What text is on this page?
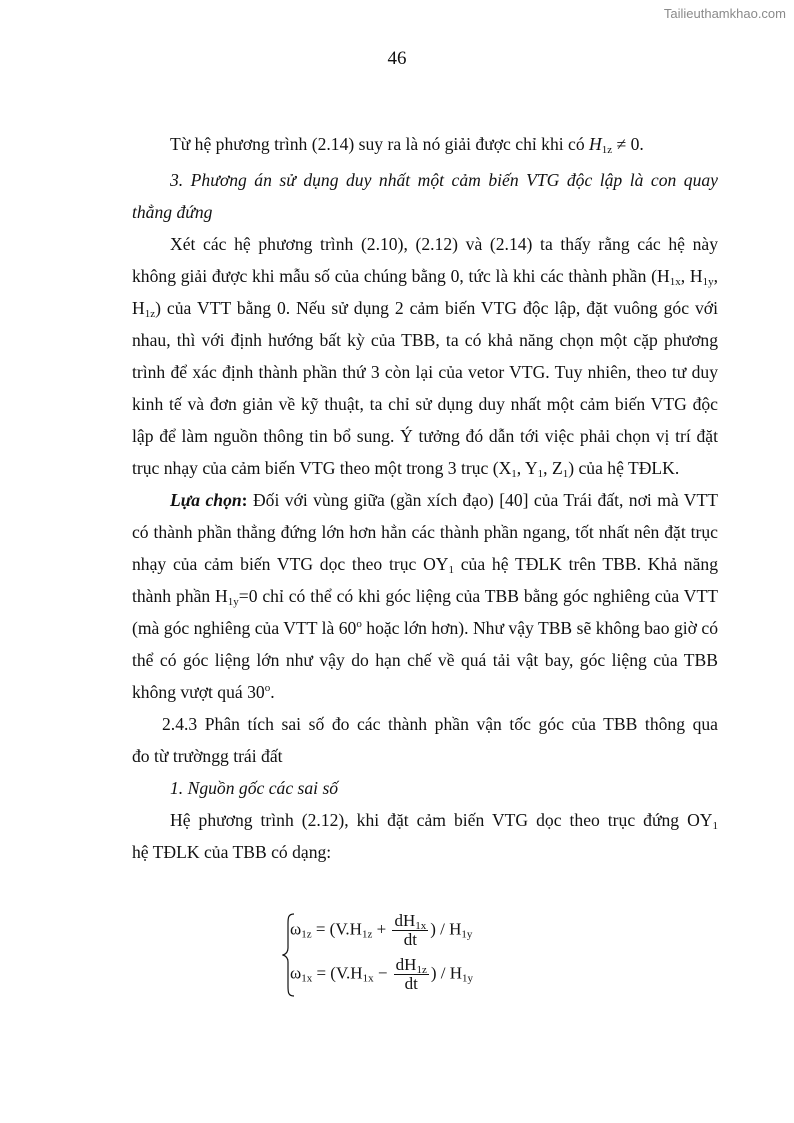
Tailieuthamkhao.com
46

Từ hệ phương trình (2.14) suy ra là nó giải được chỉ khi có $H_{1z} \ne 0$.

3. Phương án sử dụng duy nhất một cảm biến VTG độc lập là con quay

thẳng đứng

Xét các hệ phương trình (2.10), (2.12) và (2.14) ta thấy rằng các hệ này không giải được khi mẫu số của chúng bằng 0, tức là khi các thành phần ($H_{1x}$, $H_{1y}$, $H_{1z}$) của VTT bằng 0. Nếu sử dụng 2 cảm biến VTG độc lập, đặt vuông góc với nhau, thì với định hướng bất kỳ của TBB, ta có khả năng chọn một cặp phương trình để xác định thành phần thứ 3 còn lại của vetor VTG. Tuy nhiên, theo tư duy kinh tế và đơn giản về kỹ thuật, ta chỉ sử dụng duy nhất một cảm biến VTG độc lập để làm nguồn thông tin bổ sung. Ý tưởng đó dẫn tới việc phải chọn vị trí đặt trục nhạy của cảm biến VTG theo một trong 3 trục ($X_1$, $Y_1$, $Z_1$) của hệ TĐLK.

Lựa chọn: Đối với vùng giữa (gần xích đạo) [40] của Trái đất, nơi mà VTT có thành phần thẳng đứng lớn hơn hẳn các thành phần ngang, tốt nhất nên đặt trục nhạy của cảm biến VTG dọc theo trục $OY_1$ của hệ TĐLK trên TBB. Khả năng thành phần $H_{1y}=0$ chỉ có thể có khi góc liệng của TBB bằng góc nghiêng của VTT (mà góc nghiêng của VTT là 60$^o$ hoặc lớn hơn). Như vậy TBB sẽ không bao giờ có thể có góc liệng lớn như vậy do hạn chế về quá tải vật bay, góc liệng của TBB không vượt quá 30$^o$.

2.4.3 Phân tích sai số đo các thành phần vận tốc góc của TBB thông qua

đo từ trườngg trái đất

1. Nguồn gốc các sai số

Hệ phương trình (2.12), khi đặt cảm biến VTG dọc theo trục đứng $OY_1$

hệ TĐLK của TBB có dạng:

$\omega_{1z} = (V.H_{1z} + \frac{dH_{1x}}{dt}$ ) / $H_{1y}$
$\omega_{1x} = (V.H_{1x} - \frac{dH_{1z}}{dt}$ ) / $H_{1y}$
